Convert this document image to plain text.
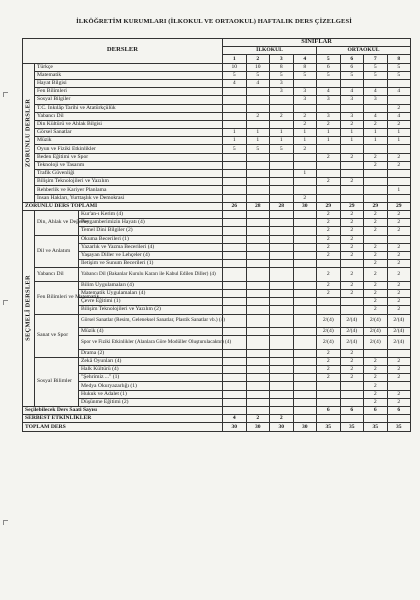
İLKÖĞRETİM KURUMLARI (İLKOKUL VE ORTAOKUL) HAFTALIK DERS ÇİZELGESİ
DERSLER			SINIFLAR							
			İLKOKUL				ORTAOKUL			
			1	2	3	4	5	6	7	8

ZORUNLU DERSLER	Türkçe		10	10	8	8	6	6	5	5
	Matematik		5	5	5	5	5	5	5	5
	Hayat Bilgisi		4	4	3					
	Fen Bilimleri				3	3	4	4	4	4
	Sosyal Bilgiler					3	3	3	3	
	T.C. İnkılâp Tarihi ve Atatürkçülük									2
	Yabancı Dil			2	2	2	3	3	4	4
	Din Kültürü ve Ahlak Bilgisi					2	2	2	2	2
	Görsel Sanatlar		1	1	1	1	1	1	1	1
	Müzik		1	1	1	1	1	1	1	1
	Oyun ve Fiziki Etkinlikler		5	5	5	2				
	Beden Eğitimi ve Spor						2	2	2	2
	Teknoloji ve Tasarım								2	2
	Trafik Güvenliği					1				
	Bilişim Teknolojileri ve Yazılım						2	2		
	Rehberlik ve Kariyer Planlama									1
	İnsan Hakları, Yurttaşlık ve Demokrasi					2				
ZORUNLU DERS TOPLAMI			26	28	28	30	29	29	29	29

SEÇMELİ DERSLER	Din, Ahlak ve Değerler	Kur'an-ı Kerim (4)					2	2	2	2
		Peygamberimizin Hayatı (4)					2	2	2	2
		Temel Dini Bilgiler (2)					2	2	2	2
	Dil ve Anlatım	Okuma Becerileri (1)					2	2		
		Yazarlık ve Yazma Becerileri (4)					2	2	2	2
		Yaşayan Diller ve Lehçeler (4)					2	2	2	2
		İletişim ve Sunum Becerileri (1)							2	2
	Yabancı Dil	Yabancı Dil (Bakanlar Kurulu Kararı ile Kabul Edilen Diller) (4)					2	2	2	2
	Fen Bilimleri ve Matematik	Bilim Uygulamaları (4)					2	2	2	2
		Matematik Uygulamaları (4)					2	2	2	2
		Çevre Eğitimi (1)							2	2
		Bilişim Teknolojileri ve Yazılım (2)							2	2
	Sanat ve Spor	Görsel Sanatlar (Resim, Geleneksel Sanatlar, Plastik Sanatlar vb.) (4)					2/(4)	2/(4)	2/(4)	2/(4)
		Müzik (4)					2/(4)	2/(4)	2/(4)	2/(4)
		Spor ve Fiziki Etkinlikler (Alanlara Göre Modüller Oluşturulacaktır) (4)					2/(4)	2/(4)	2/(4)	2/(4)
		Drama (2)					2	2		
	Sosyal Bilimler	Zekâ Oyunları (4)					2	2	2	2
		Halk Kültürü (4)					2	2	2	2
		"Şehrimiz ..." (1)					2	2	2	2
		Medya Okuryazarlığı (1)							2	
		Hukuk ve Adalet (1)							2	2
		Düşünme Eğitimi (2)							2	2
Seçilebilecek Ders Saati Sayısı							6	6	6	6
SERBEST ETKİNLİKLER			4	2	2					
TOPLAM DERS			30	30	30	30	35	35	35	35
